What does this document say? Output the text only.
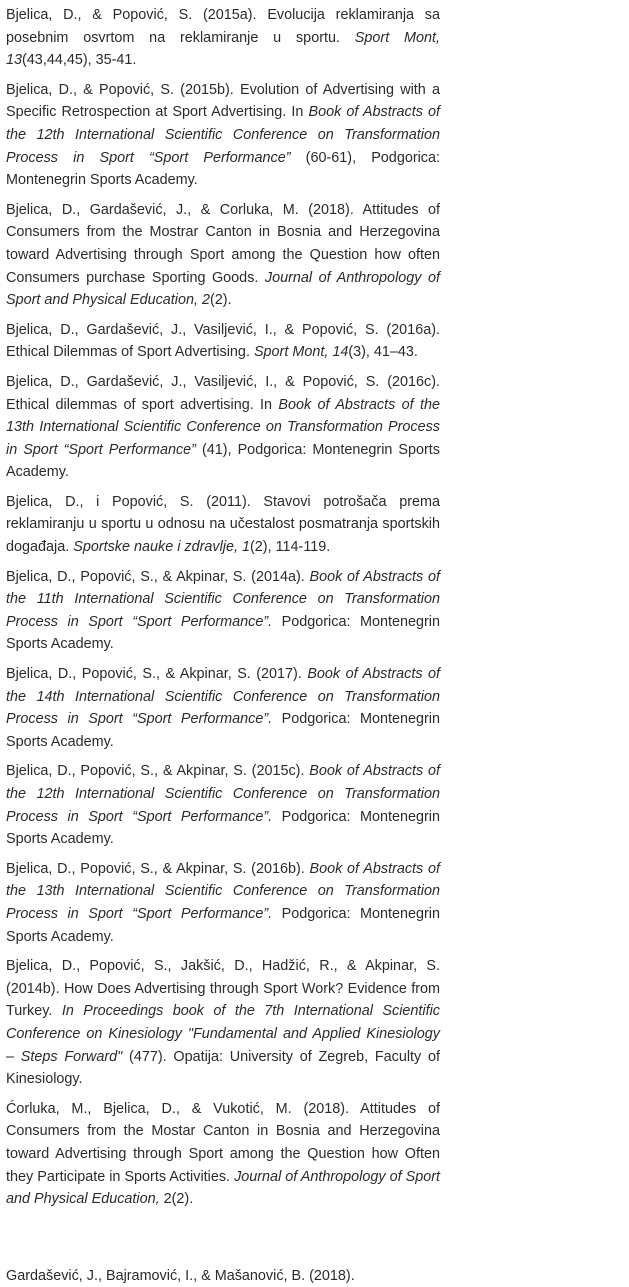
Bjelica, D., & Popović, S. (2015a). Evolucija reklamiranja sa posebnim osvrtom na reklamiranje u sportu. Sport Mont, 13(43,44,45), 35-41.

Bjelica, D., & Popović, S. (2015b). Evolution of Advertising with a Specific Retrospection at Sport Advertising. In Book of Abstracts of the 12th International Scientific Conference on Transformation Process in Sport “Sport Performance” (60-61), Podgorica: Montenegrin Sports Academy.

Bjelica, D., Gardašević, J., & Corluka, M. (2018). Attitudes of Consumers from the Mostrar Canton in Bosnia and Herzegovina toward Advertising through Sport among the Question how often Consumers purchase Sporting Goods. Journal of Anthropology of Sport and Physical Education, 2(2).

Bjelica, D., Gardašević, J., Vasiljević, I., & Popović, S. (2016a). Ethical Dilemmas of Sport Advertising. Sport Mont, 14(3), 41–43.

Bjelica, D., Gardašević, J., Vasiljević, I., & Popović, S. (2016c). Ethical dilemmas of sport advertising. In Book of Abstracts of the 13th International Scientific Conference on Transformation Process in Sport “Sport Performance” (41), Podgorica: Montenegrin Sports Academy.

Bjelica, D., i Popović, S. (2011). Stavovi potrošača prema reklamiranju u sportu u odnosu na učestalost posmatranja sportskih događaja. Sportske nauke i zdravlje, 1(2), 114-119.

Bjelica, D., Popović, S., & Akpinar, S. (2014a). Book of Abstracts of the 11th International Scientific Conference on Transformation Process in Sport “Sport Performance”. Podgorica: Montenegrin Sports Academy.

Bjelica, D., Popović, S., & Akpinar, S. (2017). Book of Abstracts of the 14th International Scientific Conference on Transformation Process in Sport “Sport Performance”. Podgorica: Montenegrin Sports Academy.

Bjelica, D., Popović, S., & Akpinar, S. (2015c). Book of Abstracts of the 12th International Scientific Conference on Transformation Process in Sport “Sport Performance”. Podgorica: Montenegrin Sports Academy.

Bjelica, D., Popović, S., & Akpinar, S. (2016b). Book of Abstracts of the 13th International Scientific Conference on Transformation Process in Sport “Sport Performance”. Podgorica: Montenegrin Sports Academy.

Bjelica, D., Popović, S., Jakšić, D., Hadžić, R., & Akpinar, S. (2014b). How Does Advertising through Sport Work? Evidence from Turkey. In Proceedings book of the 7th International Scientific Conference on Kinesiology "Fundamental and Applied Kinesiology – Steps Forward" (477). Opatija: University of Zegreb, Faculty of Kinesiology.

Ćorluka, M., Bjelica, D., & Vukotić, M. (2018). Attitudes of Consumers from the Mostar Canton in Bosnia and Herzegovina toward Advertising through Sport among the Question how Often they Participate in Sports Activities. Journal of Anthropology of Sport and Physical Education, 2(2).

Gardašević, J., Bajramović, I., & Mašanović, B. (2018).
